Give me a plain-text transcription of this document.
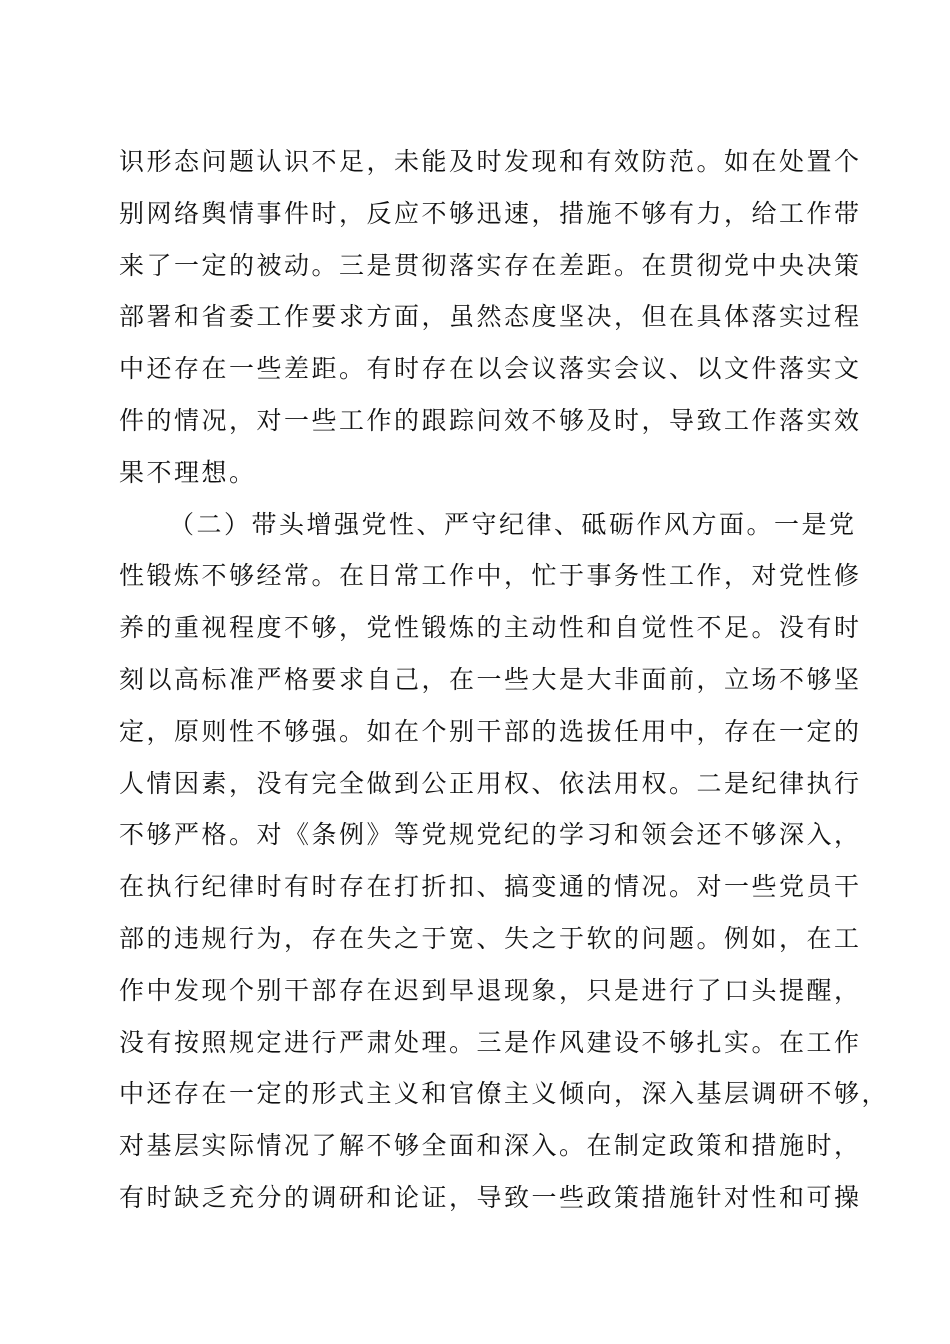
识形态问题认识不足，未能及时发现和有效防范。如在处置个
别网络舆情事件时，反应不够迅速，措施不够有力，给工作带
来了一定的被动。三是贯彻落实存在差距。在贯彻党中央决策
部署和省委工作要求方面，虽然态度坚决，但在具体落实过程
中还存在一些差距。有时存在以会议落实会议、以文件落实文
件的情况，对一些工作的跟踪问效不够及时，导致工作落实效
果不理想。
（二）带头增强党性、严守纪律、砥砺作风方面。一是党
性锻炼不够经常。在日常工作中，忙于事务性工作，对党性修
养的重视程度不够，党性锻炼的主动性和自觉性不足。没有时
刻以高标准严格要求自己，在一些大是大非面前，立场不够坚
定，原则性不够强。如在个别干部的选拔任用中，存在一定的
人情因素，没有完全做到公正用权、依法用权。二是纪律执行
不够严格。对《条例》等党规党纪的学习和领会还不够深入，
在执行纪律时有时存在打折扣、搞变通的情况。对一些党员干
部的违规行为，存在失之于宽、失之于软的问题。例如，在工
作中发现个别干部存在迟到早退现象，只是进行了口头提醒，
没有按照规定进行严肃处理。三是作风建设不够扎实。在工作
中还存在一定的形式主义和官僚主义倾向，深入基层调研不够，
对基层实际情况了解不够全面和深入。在制定政策和措施时，
有时缺乏充分的调研和论证，导致一些政策措施针对性和可操
